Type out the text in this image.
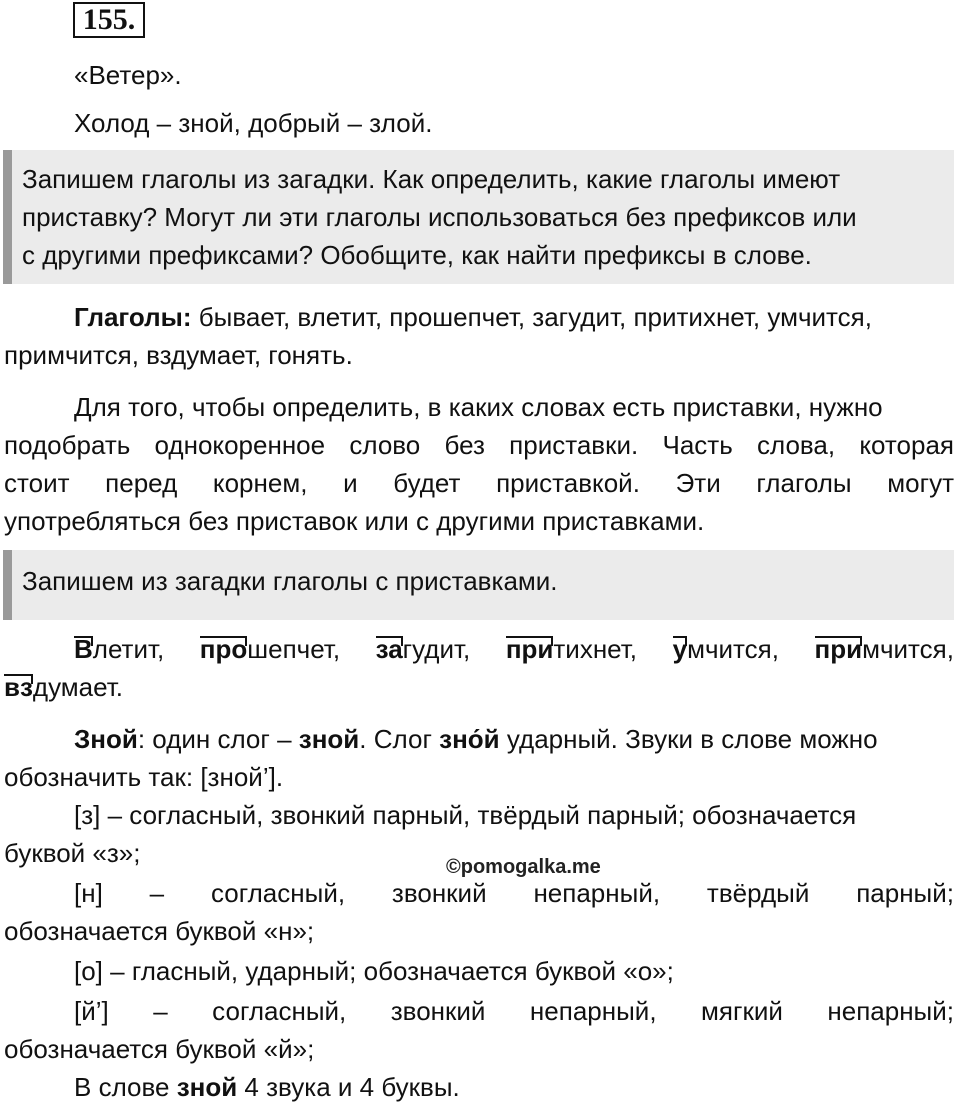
155.
«Ветер».
Холод – зной, добрый – злой.
Запишем глаголы из загадки. Как определить, какие глаголы имеют
приставку? Могут ли эти глаголы использоваться без префиксов или
с другими префиксами? Обобщите, как найти префиксы в слове.
Глаголы: бывает, влетит, прошепчет, загудит, притихнет, умчится,
примчится, вздумает, гонять.
Для того, чтобы определить, в каких словах есть приставки, нужно
подобрать однокоренное слово без приставки. Часть слова, которая
стоит перед корнем, и будет приставкой. Эти глаголы могут
употребляться без приставок или с другими приставками.
Запишем из загадки глаголы с приставками.
Влетит, прошепчет, загудит, притихнет, умчится, примчится,
вздумает.
Зной: один слог – зной. Слог зно́й ударный. Звуки в слове можно
обозначить так: [зной’].
[з] – согласный, звонкий парный, твёрдый парный; обозначается
буквой «з»;	©pomogalka.me
[н] – согласный, звонкий непарный, твёрдый парный;
обозначается буквой «н»;
[о] – гласный, ударный; обозначается буквой «о»;
[й’] – согласный, звонкий непарный, мягкий непарный;
обозначается буквой «й»;
В слове зной 4 звука и 4 буквы.
